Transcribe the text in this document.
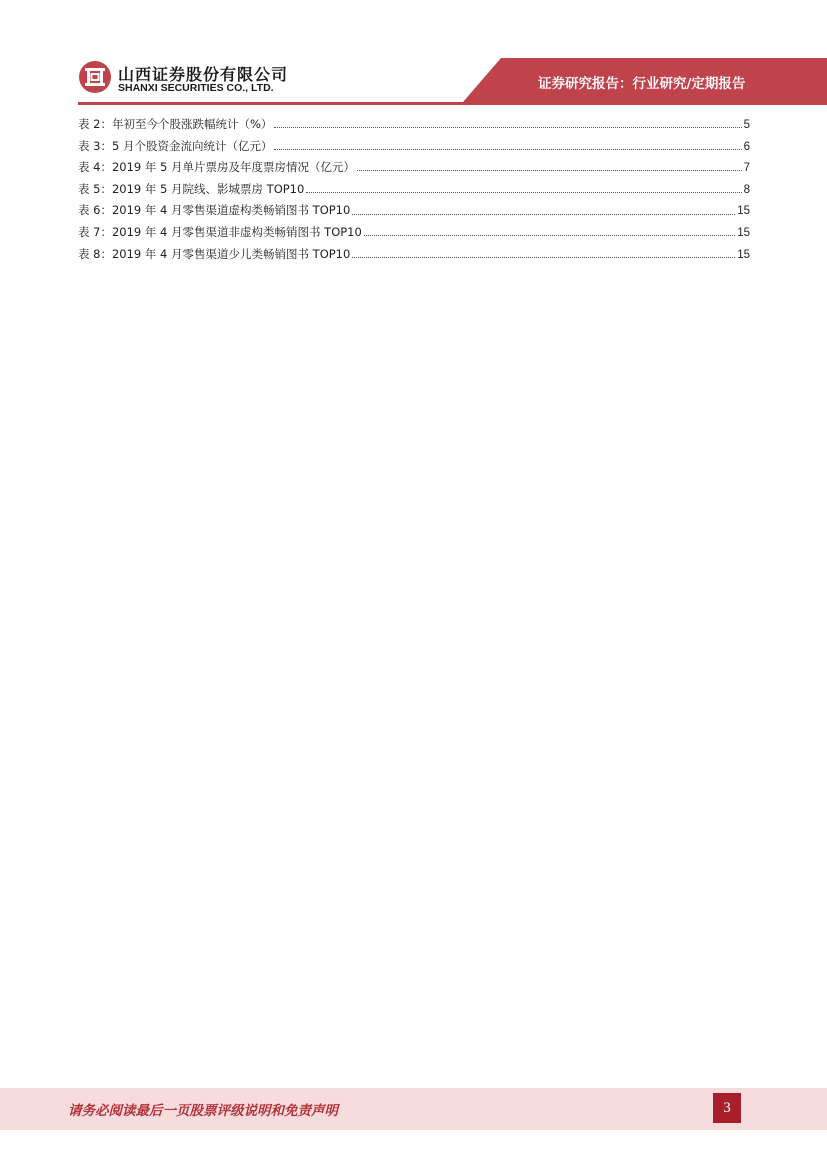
山西证券股份有限公司
SHANXI SECURITIES CO., LTD.	证券研究报告：行业研究/定期报告
表 2：年初至今个股涨跌幅统计（%）	5
表 3：5 月个股资金流向统计（亿元）	6
表 4：2019 年 5 月单片票房及年度票房情况（亿元）	7
表 5：2019 年 5 月院线、影城票房 TOP10	8
表 6：2019 年 4 月零售渠道虚构类畅销图书 TOP10	15
表 7：2019 年 4 月零售渠道非虚构类畅销图书 TOP10	15
表 8：2019 年 4 月零售渠道少儿类畅销图书 TOP10	15
请务必阅读最后一页股票评级说明和免责声明	3
